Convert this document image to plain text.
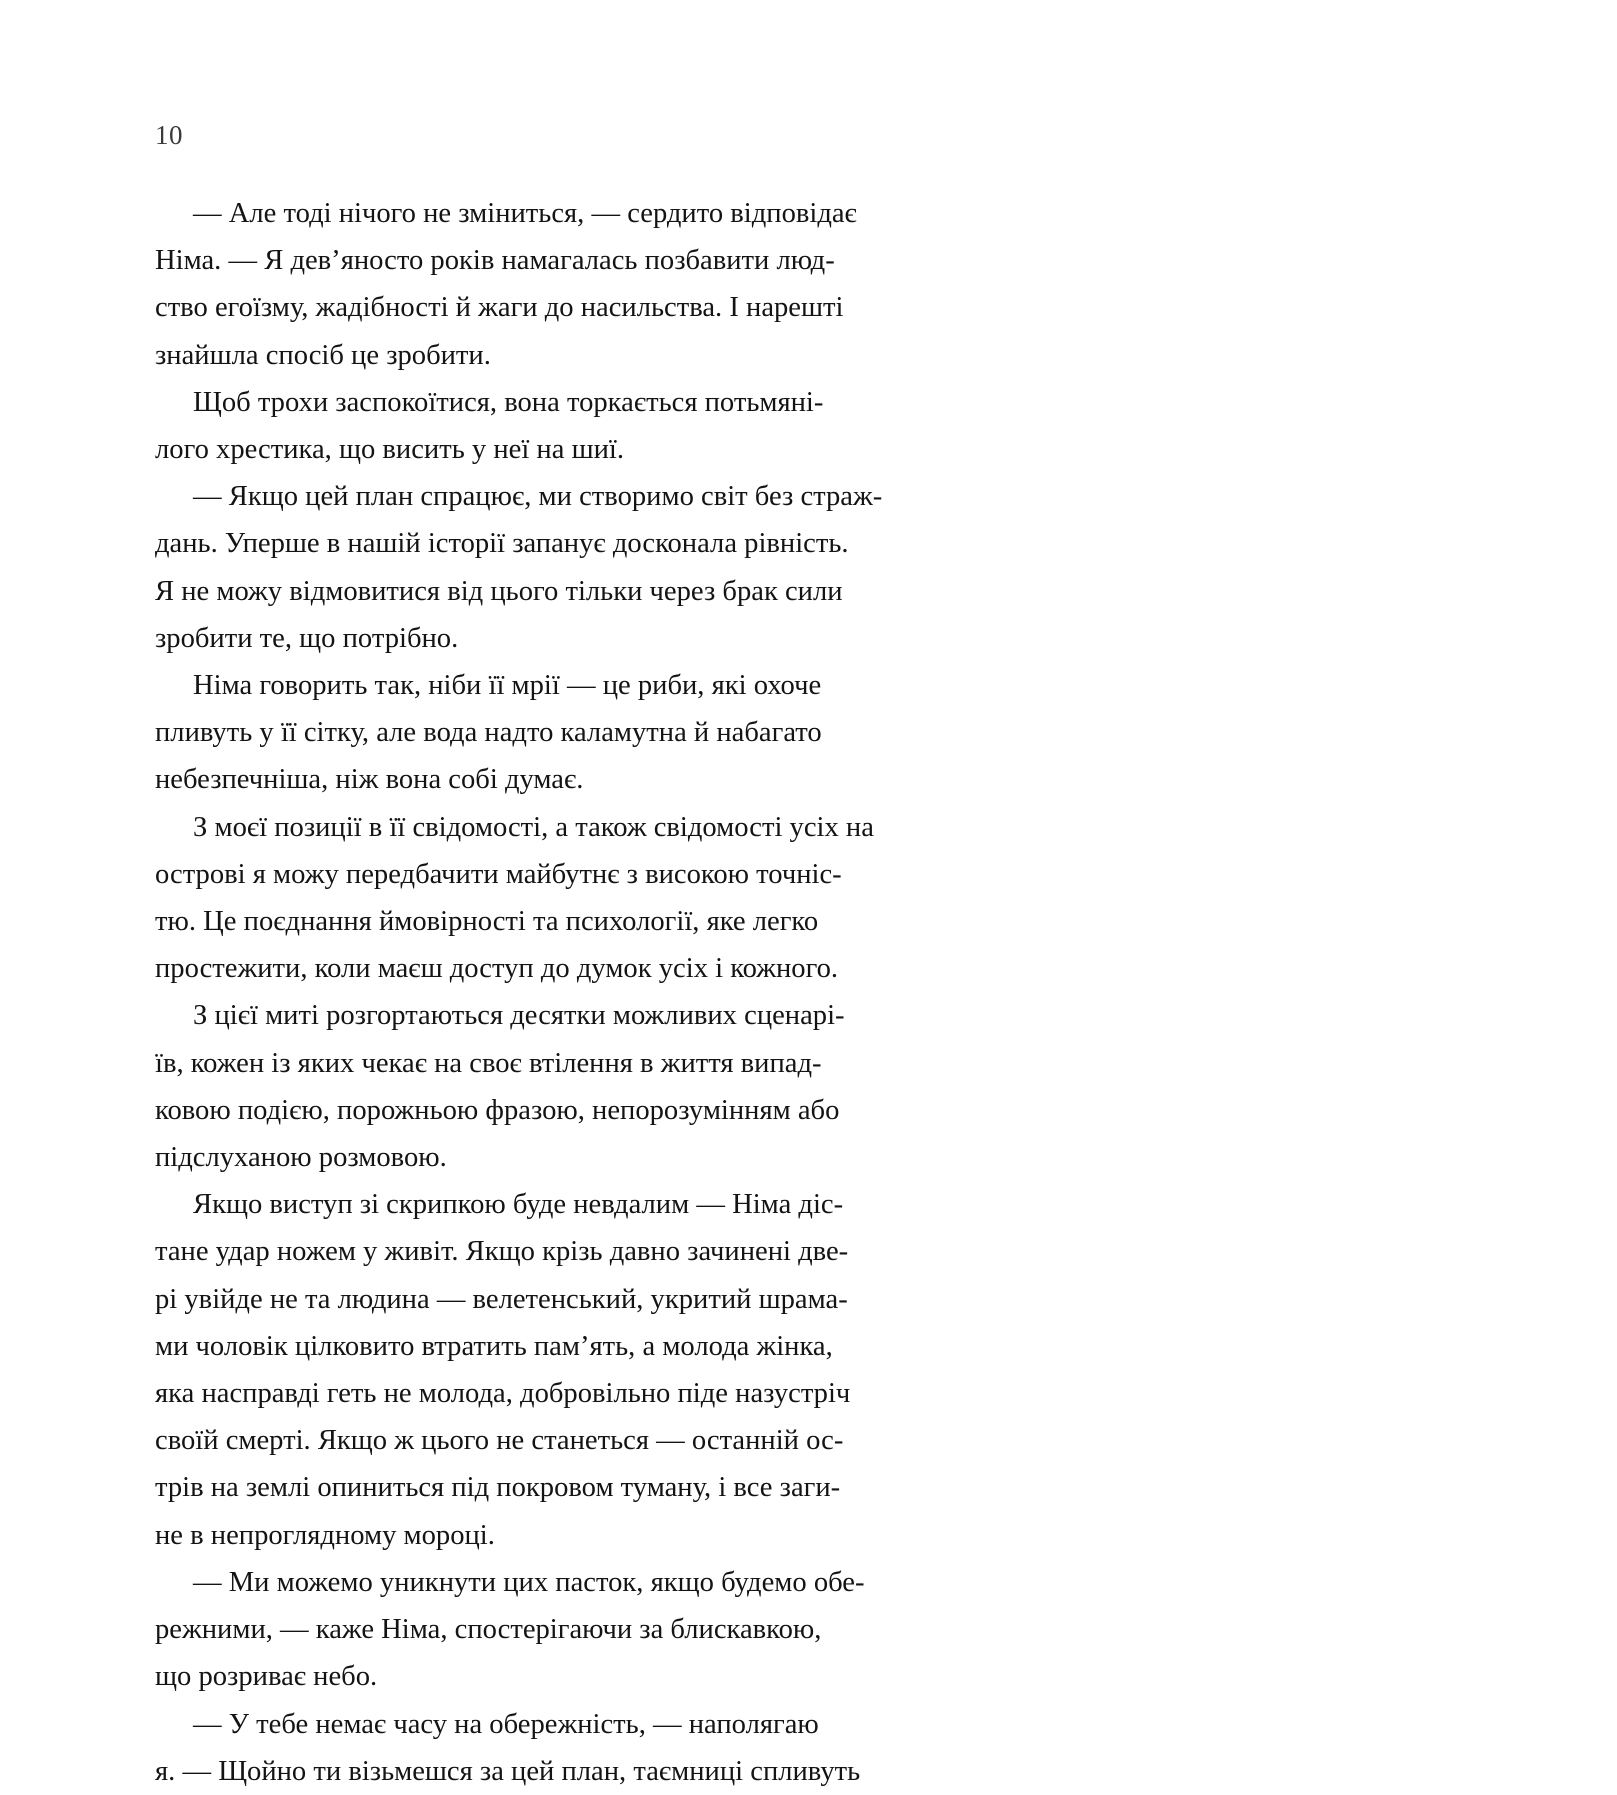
10

— Але тоді нічого не зміниться, — сердито відповідає
Німа. — Я дев’яносто років намагалась позбавити люд-
ство егоїзму, жадібності й жаги до насильства. І нарешті
знайшла спосіб це зробити.

Щоб трохи заспокоїтися, вона торкається потьмяні-
лого хрестика, що висить у неї на шиї.

— Якщо цей план спрацює, ми створимо світ без страж-
дань. Уперше в нашій історії запанує досконала рівність.
Я не можу відмовитися від цього тільки через брак сили
зробити те, що потрібно.

Німа говорить так, ніби її мрії — це риби, які охоче
пливуть у її сітку, але вода надто каламутна й набагато
небезпечніша, ніж вона собі думає.

З моєї позиції в її свідомості, а також свідомості усіх на
острові я можу передбачити майбутнє з високою точніс-
тю. Це поєднання ймовірності та психології, яке легко
простежити, коли маєш доступ до думок усіх і кожного.

З цієї миті розгортаються десятки можливих сценарі-
їв, кожен із яких чекає на своє втілення в життя випад-
ковою подією, порожньою фразою, непорозумінням або
підслуханою розмовою.

Якщо виступ зі скрипкою буде невдалим — Німа діс-
тане удар ножем у живіт. Якщо крізь давно зачинені две-
рі увійде не та людина — велетенський, укритий шрама-
ми чоловік цілковито втратить пам’ять, а молода жінка,
яка насправді геть не молода, добровільно піде назустріч
своїй смерті. Якщо ж цього не станеться — останній ос-
трів на землі опиниться під покровом туману, і все заги-
не в непроглядному мороці.

— Ми можемо уникнути цих пасток, якщо будемо обе-
режними, — каже Німа, спостерігаючи за блискавкою,
що розриває небо.

— У тебе немає часу на обережність, — наполягаю
я. — Щойно ти візьмешся за цей план, таємниці спливуть
